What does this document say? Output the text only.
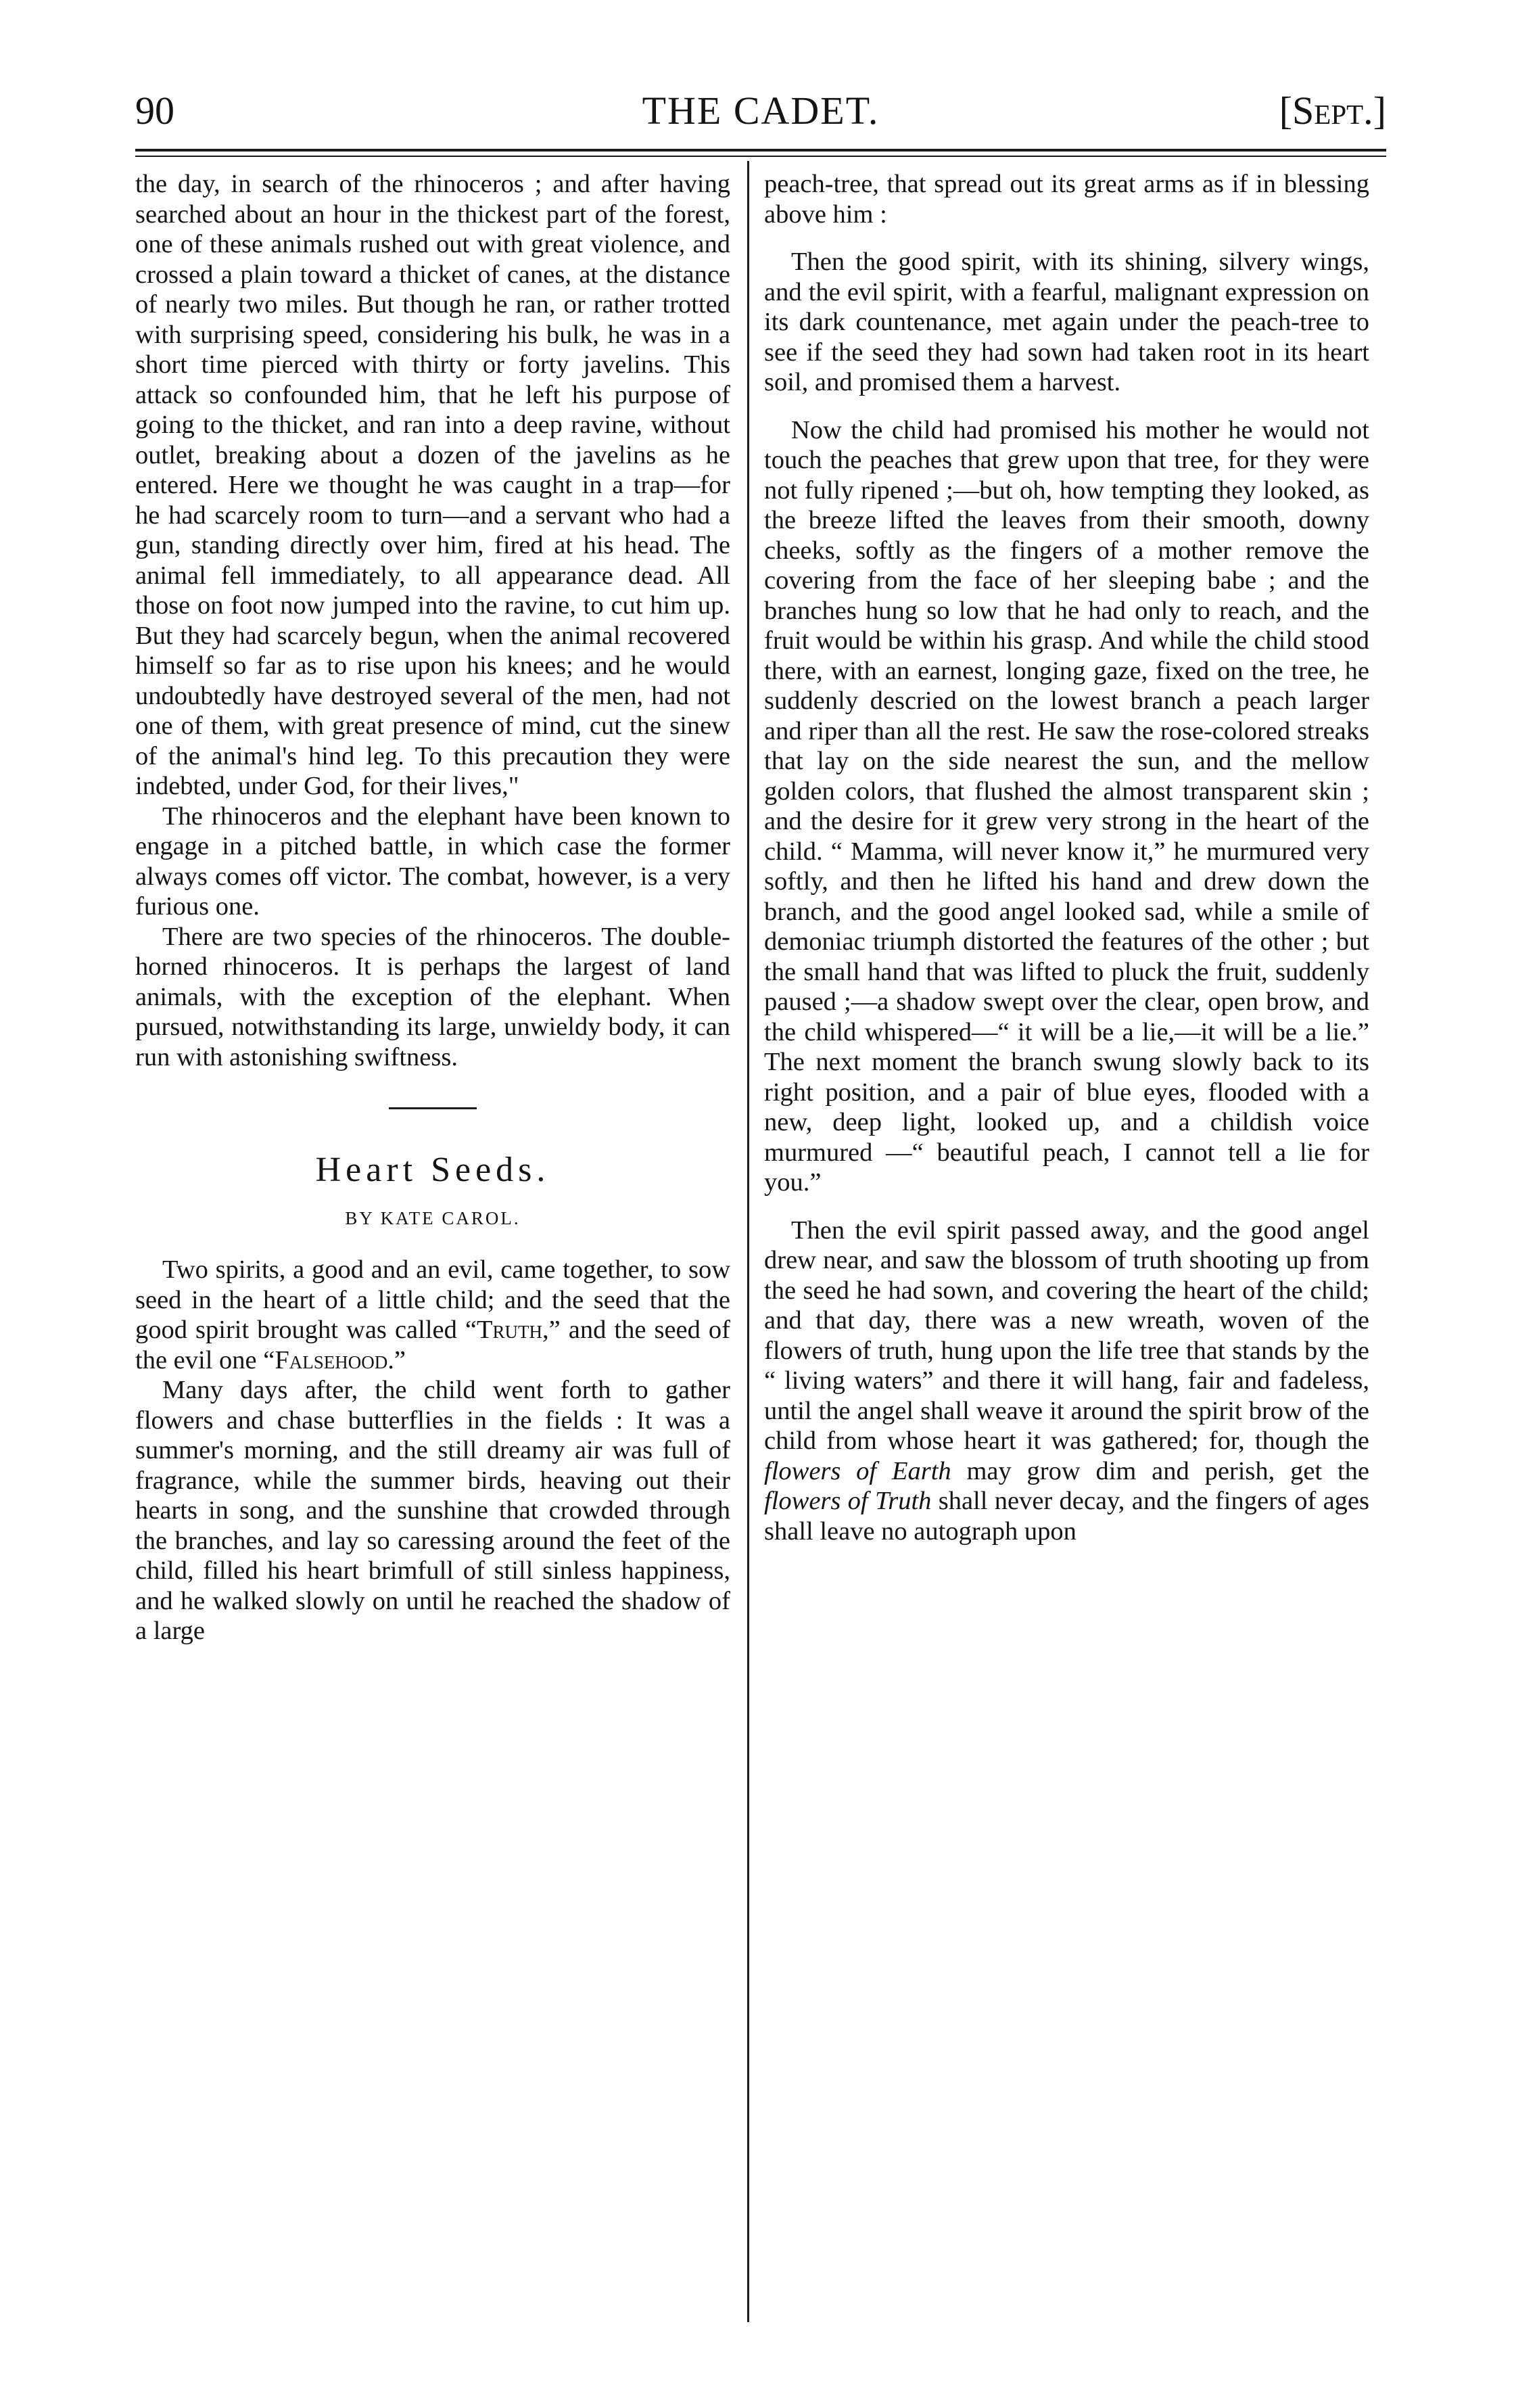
90	THE CADET.	[Sept.]

the day, in search of the rhinoceros ; and after having searched about an hour in the thickest part of the forest, one of these animals rushed out with great violence, and crossed a plain toward a thicket of canes, at the distance of nearly two miles. But though he ran, or rather trotted with surprising speed, considering his bulk, he was in a short time pierced with thirty or forty javelins. This attack so confounded him, that he left his purpose of going to the thicket, and ran into a deep ravine, without outlet, breaking about a dozen of the javelins as he entered. Here we thought he was caught in a trap—for he had scarcely room to turn—and a servant who had a gun, standing directly over him, fired at his head. The animal fell immediately, to all appearance dead. All those on foot now jumped into the ravine, to cut him up. But they had scarcely begun, when the animal recovered himself so far as to rise upon his knees; and he would undoubtedly have destroyed several of the men, had not one of them, with great presence of mind, cut the sinew of the animal's hind leg. To this precaution they were indebted, under God, for their lives,"

The rhinoceros and the elephant have been known to engage in a pitched battle, in which case the former always comes off victor. The combat, however, is a very furious one.

There are two species of the rhinoceros. The double-horned rhinoceros. It is perhaps the largest of land animals, with the exception of the elephant. When pursued, notwithstanding its large, unwieldy body, it can run with astonishing swiftness.

Heart Seeds.
BY KATE CAROL.

Two spirits, a good and an evil, came together, to sow seed in the heart of a little child; and the seed that the good spirit brought was called “Truth,” and the seed of the evil one “Falsehood.”

Many days after, the child went forth to gather flowers and chase butterflies in the fields : It was a summer's morning, and the still dreamy air was full of fragrance, while the summer birds, heaving out their hearts in song, and the sunshine that crowded through the branches, and lay so caressing around the feet of the child, filled his heart brimfull of still sinless happiness, and he walked slowly on until he reached the shadow of a large

peach-tree, that spread out its great arms as if in blessing above him :

Then the good spirit, with its shining, silvery wings, and the evil spirit, with a fearful, malignant expression on its dark countenance, met again under the peach-tree to see if the seed they had sown had taken root in its heart soil, and promised them a harvest.

Now the child had promised his mother he would not touch the peaches that grew upon that tree, for they were not fully ripened ;—but oh, how tempting they looked, as the breeze lifted the leaves from their smooth, downy cheeks, softly as the fingers of a mother remove the covering from the face of her sleeping babe ; and the branches hung so low that he had only to reach, and the fruit would be within his grasp. And while the child stood there, with an earnest, longing gaze, fixed on the tree, he suddenly descried on the lowest branch a peach larger and riper than all the rest. He saw the rose-colored streaks that lay on the side nearest the sun, and the mellow golden colors, that flushed the almost transparent skin ; and the desire for it grew very strong in the heart of the child. “ Mamma, will never know it,” he murmured very softly, and then he lifted his hand and drew down the branch, and the good angel looked sad, while a smile of demoniac triumph distorted the features of the other ; but the small hand that was lifted to pluck the fruit, suddenly paused ;—a shadow swept over the clear, open brow, and the child whispered—“ it will be a lie,—it will be a lie.” The next moment the branch swung slowly back to its right position, and a pair of blue eyes, flooded with a new, deep light, looked up, and a childish voice murmured —“ beautiful peach, I cannot tell a lie for you.”

Then the evil spirit passed away, and the good angel drew near, and saw the blossom of truth shooting up from the seed he had sown, and covering the heart of the child; and that day, there was a new wreath, woven of the flowers of truth, hung upon the life tree that stands by the “ living waters” and there it will hang, fair and fadeless, until the angel shall weave it around the spirit brow of the child from whose heart it was gathered; for, though the flowers of Earth may grow dim and perish, get the flowers of Truth shall never decay, and the fingers of ages shall leave no autograph upon
